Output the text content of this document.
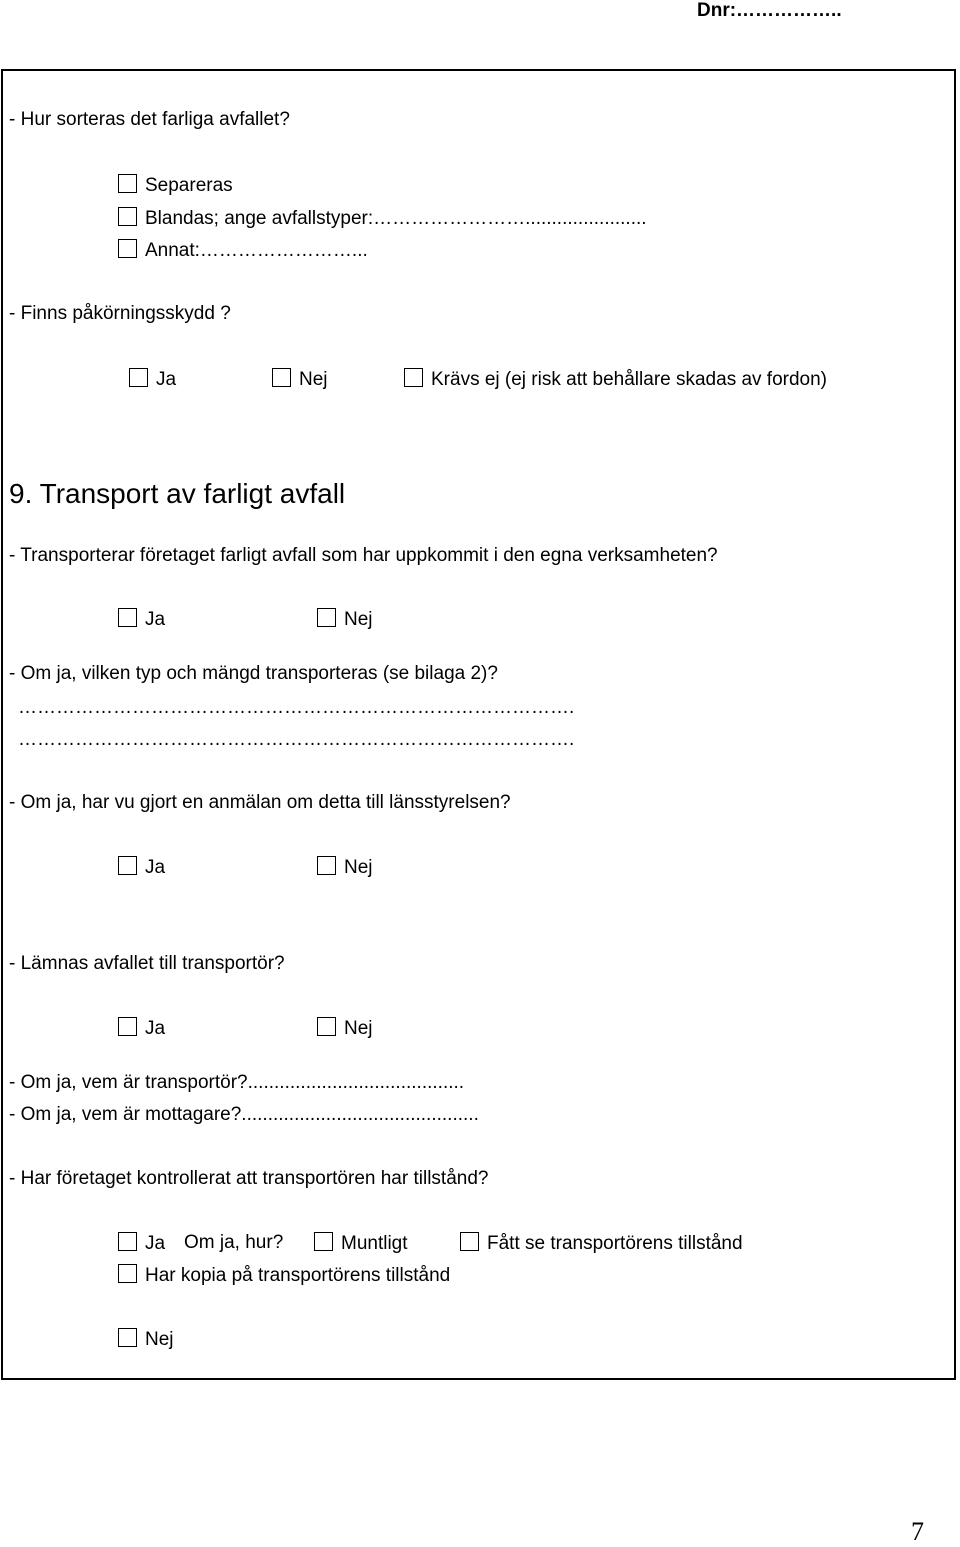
Dnr:……………..
- Hur sorteras det farliga avfallet?
Separeras
Blandas; ange avfallstyper:…………………….......................
Annat:……………………...
- Finns påkörningsskydd ?
Ja	Nej	Krävs ej (ej risk att behållare skadas av fordon)
9. Transport av farligt avfall
- Transporterar företaget farligt avfall som har uppkommit i den egna verksamheten?
Ja	Nej
- Om ja, vilken typ och mängd transporteras (se bilaga 2)?
…………………………………………………………………………….
…………………………………………………………………………….
- Om ja, har vu gjort en anmälan om detta till länsstyrelsen?
Ja	Nej
- Lämnas avfallet till transportör?
Ja	Nej
- Om ja, vem är transportör?.........................................
- Om ja, vem är mottagare?.............................................
- Har företaget kontrollerat att transportören har tillstånd?
Ja Om ja, hur?	Muntligt	Fått se transportörens tillstånd
Har kopia på transportörens tillstånd
Nej
7
